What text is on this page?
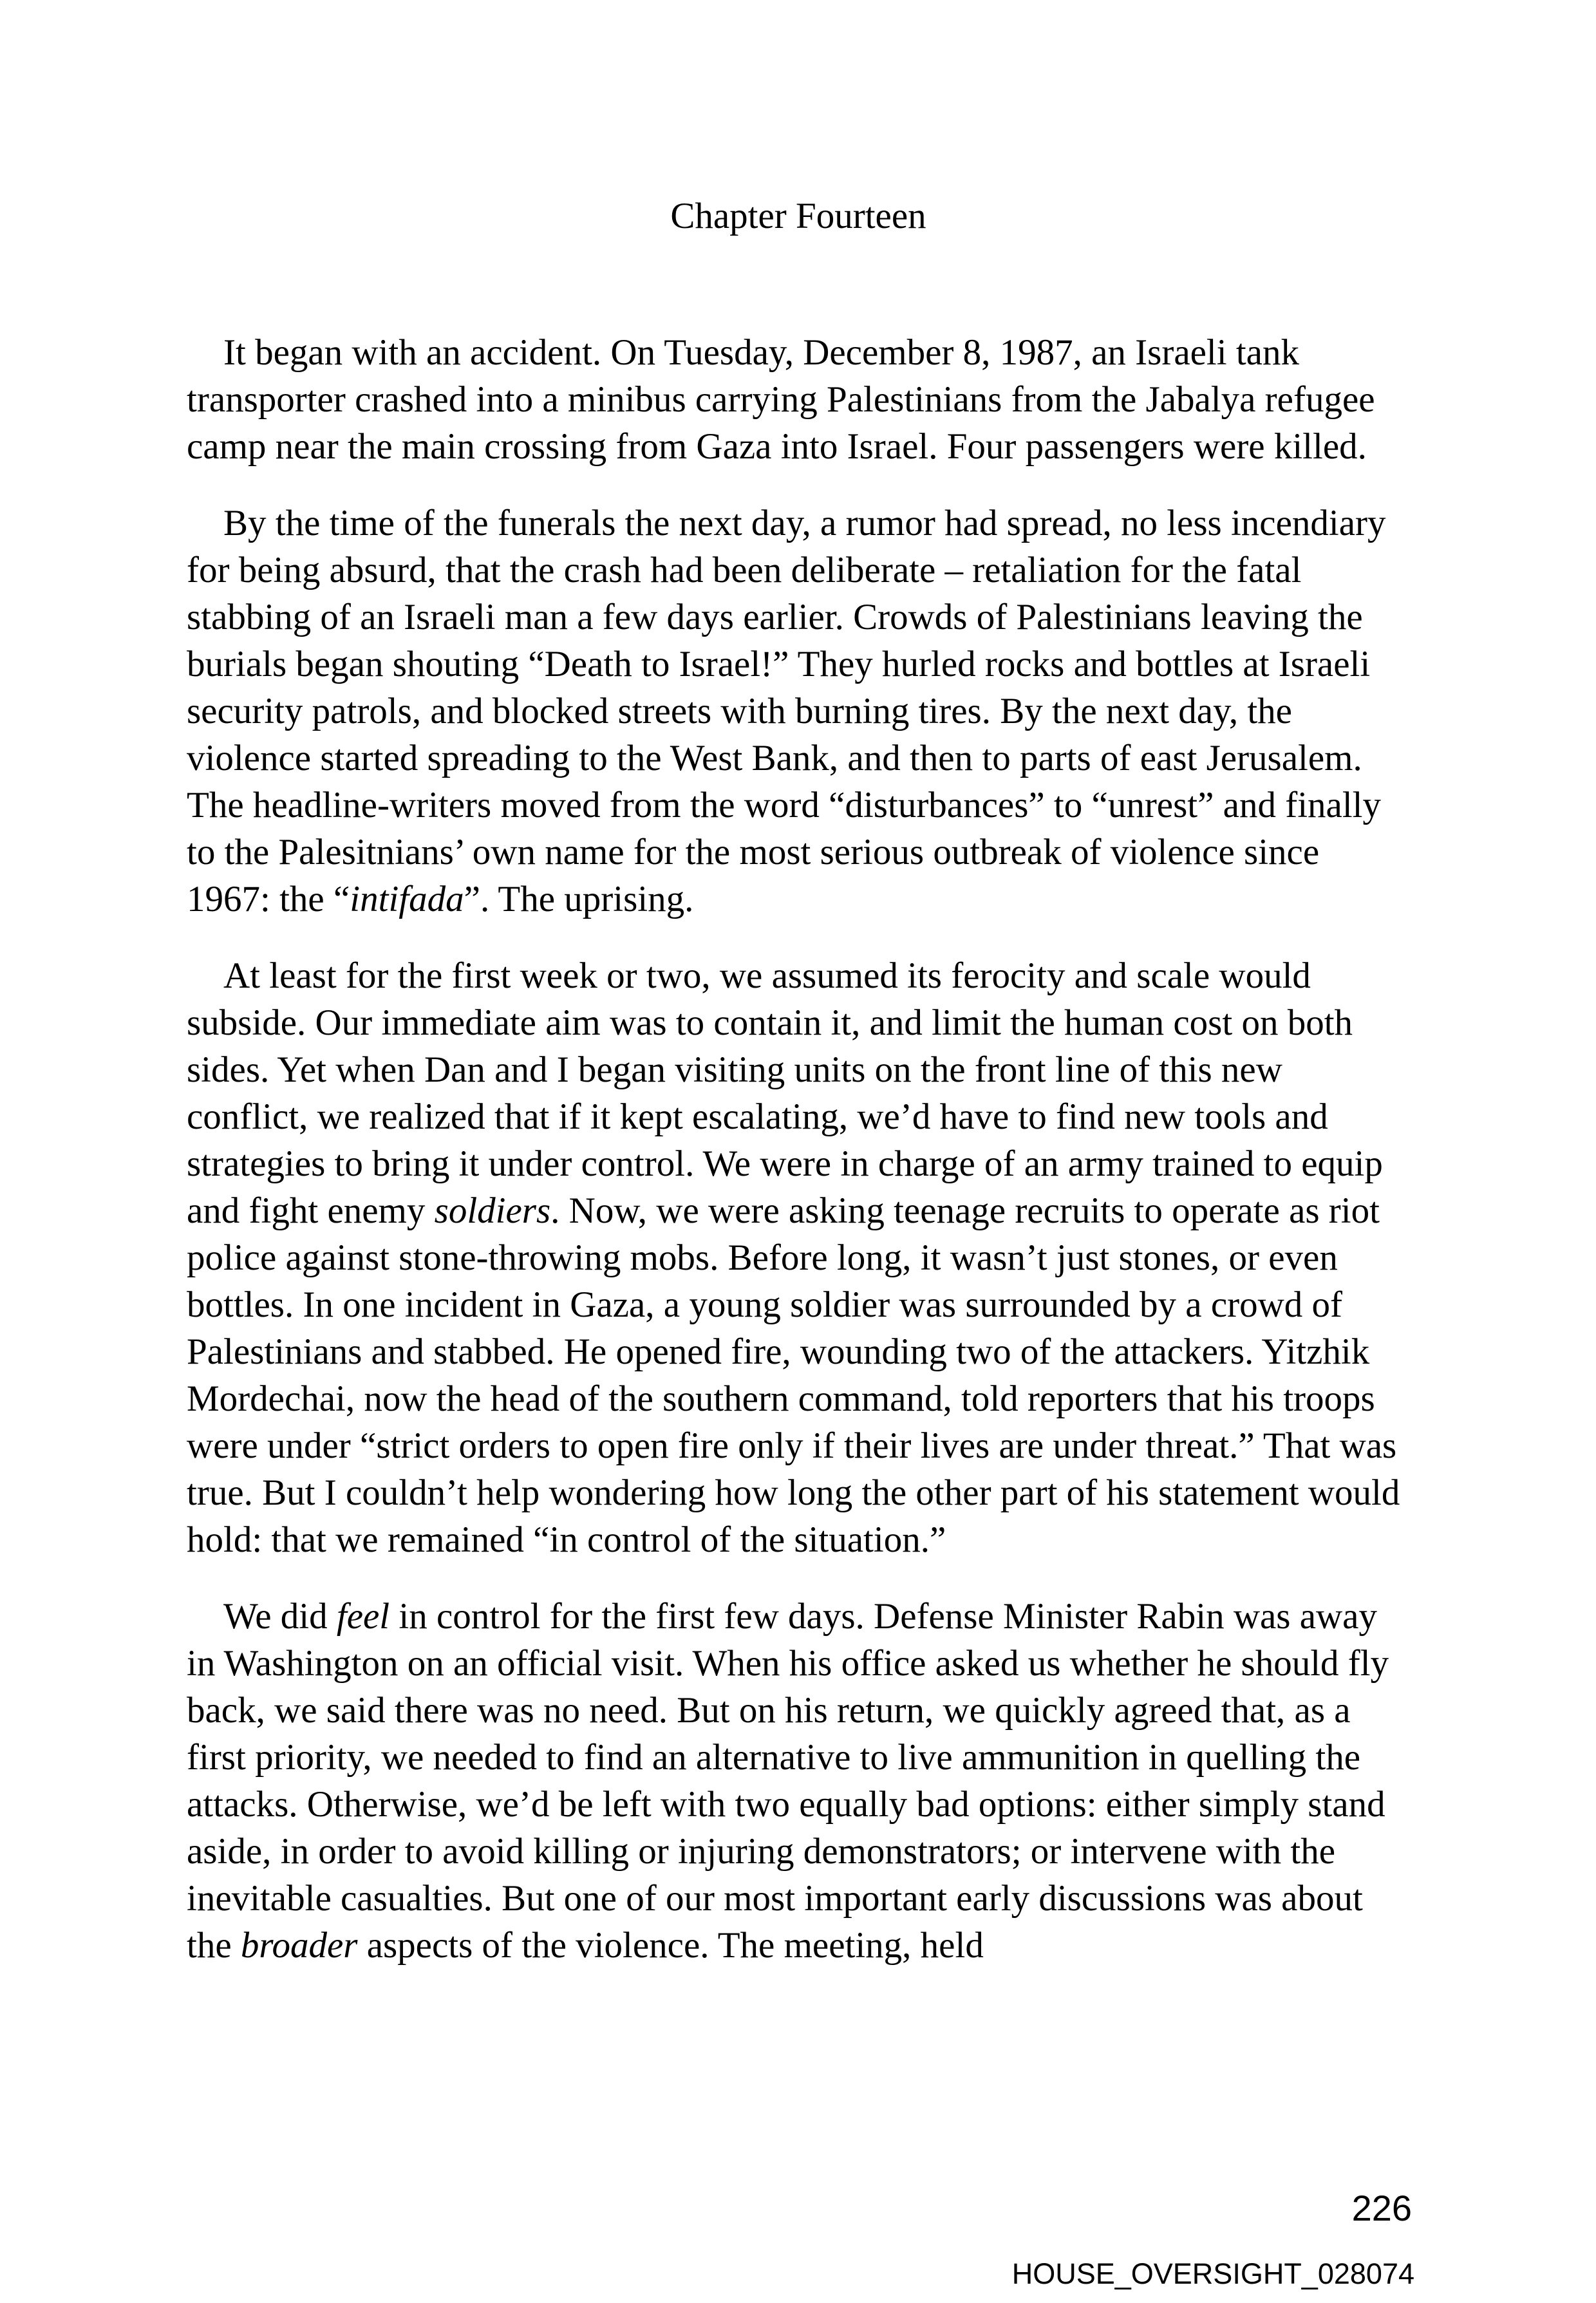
Chapter Fourteen

It began with an accident. On Tuesday, December 8, 1987, an Israeli tank transporter crashed into a minibus carrying Palestinians from the Jabalya refugee camp near the main crossing from Gaza into Israel. Four passengers were killed.

By the time of the funerals the next day, a rumor had spread, no less incendiary for being absurd, that the crash had been deliberate – retaliation for the fatal stabbing of an Israeli man a few days earlier. Crowds of Palestinians leaving the burials began shouting “Death to Israel!” They hurled rocks and bottles at Israeli security patrols, and blocked streets with burning tires. By the next day, the violence started spreading to the West Bank, and then to parts of east Jerusalem. The headline-writers moved from the word “disturbances” to “unrest” and finally to the Palesitnians’ own name for the most serious outbreak of violence since 1967: the “intifada”. The uprising.

At least for the first week or two, we assumed its ferocity and scale would subside. Our immediate aim was to contain it, and limit the human cost on both sides. Yet when Dan and I began visiting units on the front line of this new conflict, we realized that if it kept escalating, we’d have to find new tools and strategies to bring it under control. We were in charge of an army trained to equip and fight enemy soldiers. Now, we were asking teenage recruits to operate as riot police against stone-throwing mobs. Before long, it wasn’t just stones, or even bottles. In one incident in Gaza, a young soldier was surrounded by a crowd of Palestinians and stabbed. He opened fire, wounding two of the attackers. Yitzhik Mordechai, now the head of the southern command, told reporters that his troops were under “strict orders to open fire only if their lives are under threat.” That was true. But I couldn’t help wondering how long the other part of his statement would hold: that we remained “in control of the situation.”

We did feel in control for the first few days. Defense Minister Rabin was away in Washington on an official visit. When his office asked us whether he should fly back, we said there was no need. But on his return, we quickly agreed that, as a first priority, we needed to find an alternative to live ammunition in quelling the attacks. Otherwise, we’d be left with two equally bad options: either simply stand aside, in order to avoid killing or injuring demonstrators; or intervene with the inevitable casualties. But one of our most important early discussions was about the broader aspects of the violence. The meeting, held

226
HOUSE_OVERSIGHT_028074
